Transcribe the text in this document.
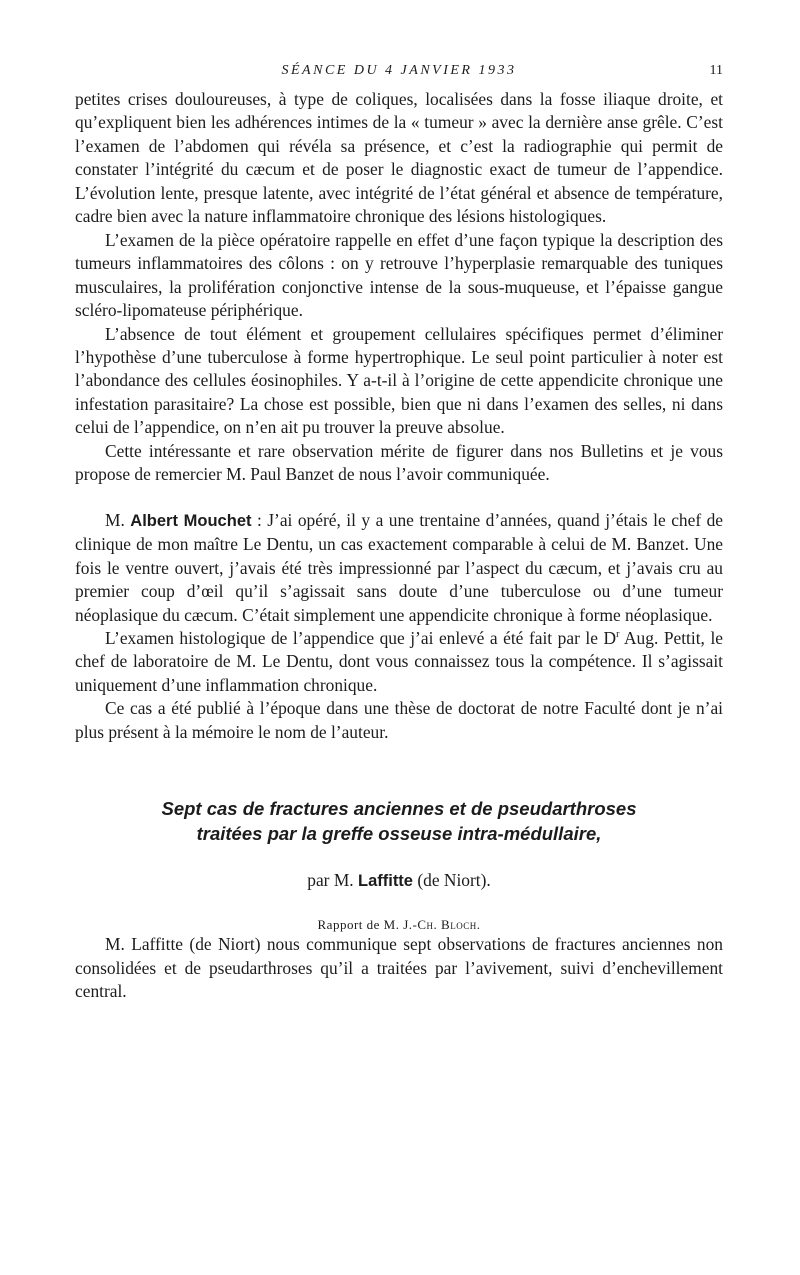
SÉANCE DU 4 JANVIER 1933	11

petites crises douloureuses, à type de coliques, localisées dans la fosse iliaque droite, et qu’expliquent bien les adhérences intimes de la « tumeur » avec la dernière anse grêle. C’est l’examen de l’abdomen qui révéla sa présence, et c’est la radiographie qui permit de constater l’intégrité du cæcum et de poser le diagnostic exact de tumeur de l’appendice. L’évolution lente, presque latente, avec intégrité de l’état général et absence de température, cadre bien avec la nature inflammatoire chronique des lésions histologiques.

L’examen de la pièce opératoire rappelle en effet d’une façon typique la description des tumeurs inflammatoires des côlons : on y retrouve l’hyperplasie remarquable des tuniques musculaires, la prolifération conjonctive intense de la sous-muqueuse, et l’épaisse gangue scléro-lipomateuse périphérique.

L’absence de tout élément et groupement cellulaires spécifiques permet d’éliminer l’hypothèse d’une tuberculose à forme hypertrophique. Le seul point particulier à noter est l’abondance des cellules éosinophiles. Y a-t-il à l’origine de cette appendicite chronique une infestation parasitaire? La chose est possible, bien que ni dans l’examen des selles, ni dans celui de l’appendice, on n’en ait pu trouver la preuve absolue.

Cette intéressante et rare observation mérite de figurer dans nos Bulletins et je vous propose de remercier M. Paul Banzet de nous l’avoir communiquée.

M. Albert Mouchet : J’ai opéré, il y a une trentaine d’années, quand j’étais le chef de clinique de mon maître Le Dentu, un cas exactement comparable à celui de M. Banzet. Une fois le ventre ouvert, j’avais été très impressionné par l’aspect du cæcum, et j’avais cru au premier coup d’œil qu’il s’agissait sans doute d’une tuberculose ou d’une tumeur néoplasique du cæcum. C’était simplement une appendicite chronique à forme néoplasique.

L’examen histologique de l’appendice que j’ai enlevé a été fait par le $D^r$ Aug. Pettit, le chef de laboratoire de M. Le Dentu, dont vous connaissez tous la compétence. Il s’agissait uniquement d’une inflammation chronique.

Ce cas a été publié à l’époque dans une thèse de doctorat de notre Faculté dont je n’ai plus présent à la mémoire le nom de l’auteur.

Sept cas de fractures anciennes et de pseudarthroses
traitées par la greffe osseuse intra-médullaire,
par M. Laffitte (de Niort).
Rapport de M. J.-Ch. Bloch.

M. Laffitte (de Niort) nous communique sept observations de fractures anciennes non consolidées et de pseudarthroses qu’il a traitées par l’avivement, suivi d’enchevillement central.
